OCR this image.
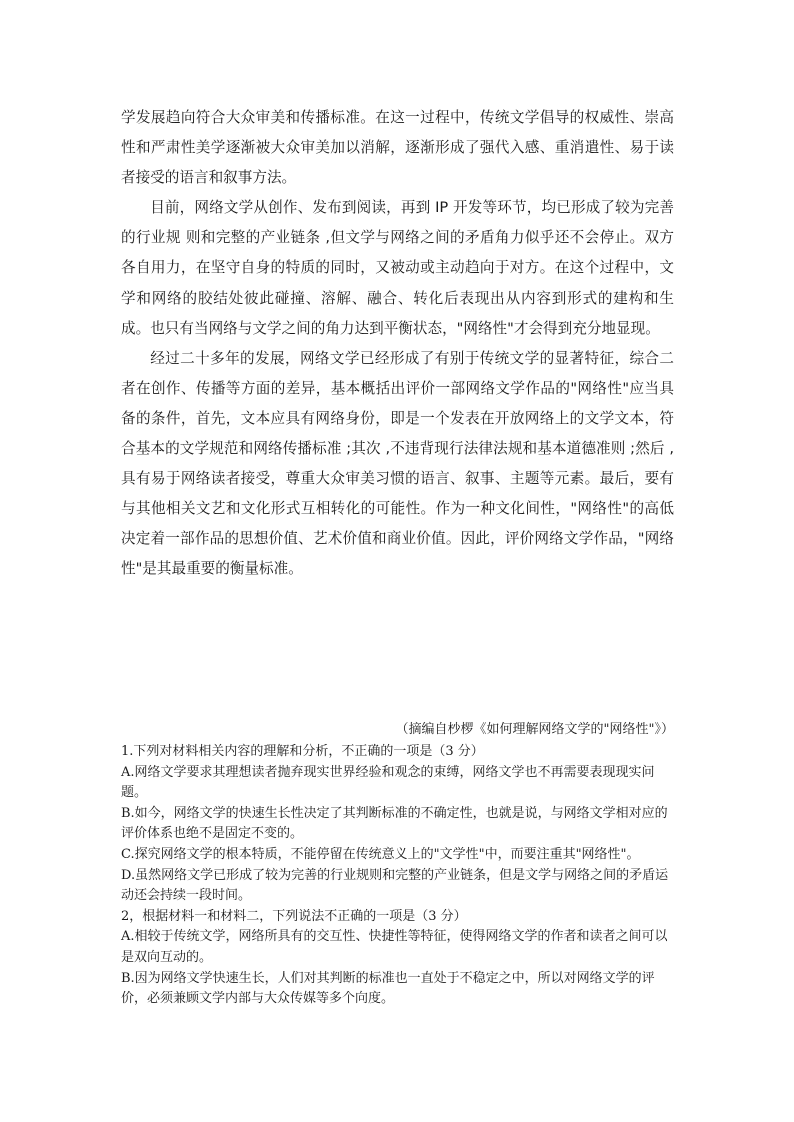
学发展趋向符合大众审美和传播标准。在这一过程中，传统文学倡导的权威性、崇高性和严肃性美学逐渐被大众审美加以消解，逐渐形成了强代入感、重消遣性、易于读者接受的语言和叙事方法。

目前，网络文学从创作、发布到阅读，再到 IP 开发等环节，均已形成了较为完善的行业规 则和完整的产业链条 ,但文学与网络之间的矛盾角力似乎还不会停止。双方各自用力，在坚守自身的特质的同时，又被动或主动趋向于对方。在这个过程中，文学和网络的胶结处彼此碰撞、溶解、融合、转化后表现出从内容到形式的建构和生成。也只有当网络与文学之间的角力达到平衡状态，"网络性"才会得到充分地显现。

经过二十多年的发展，网络文学已经形成了有别于传统文学的显著特征，综合二者在创作、传播等方面的差异，基本概括出评价一部网络文学作品的"网络性"应当具备的条件，首先，文本应具有网络身份，即是一个发表在开放网络上的文学文本，符合基本的文学规范和网络传播标准 ;其次 ,不违背现行法律法规和基本道德准则 ;然后 ,具有易于网络读者接受，尊重大众审美习惯的语言、叙事、主题等元素。最后，要有与其他相关文艺和文化形式互相转化的可能性。作为一种文化间性，"网络性"的高低决定着一部作品的思想价值、艺术价值和商业价值。因此，评价网络文学作品，"网络性"是其最重要的衡量标准。

（摘编自杪椤《如何理解网络文学的"网络性"》）
1.下列对材料相关内容的理解和分析，不正确的一项是（3 分）
A.网络文学要求其理想读者抛弃现实世界经验和观念的束缚，网络文学也不再需要表现现实问题。
B.如今，网络文学的快速生长性决定了其判断标准的不确定性，也就是说，与网络文学相对应的评价体系也绝不是固定不变的。
C.探究网络文学的根本特质，不能停留在传统意义上的"文学性"中，而要注重其"网络性"。
D.虽然网络文学已形成了较为完善的行业规则和完整的产业链条，但是文学与网络之间的矛盾运动还会持续一段时间。
2，根据材料一和材料二，下列说法不正确的一项是（3 分）
A.相较于传统文学，网络所具有的交互性、快捷性等特征，使得网络文学的作者和读者之间可以是双向互动的。
B.因为网络文学快速生长，人们对其判断的标准也一直处于不稳定之中，所以对网络文学的评价，必须兼顾文学内部与大众传媒等多个向度。
